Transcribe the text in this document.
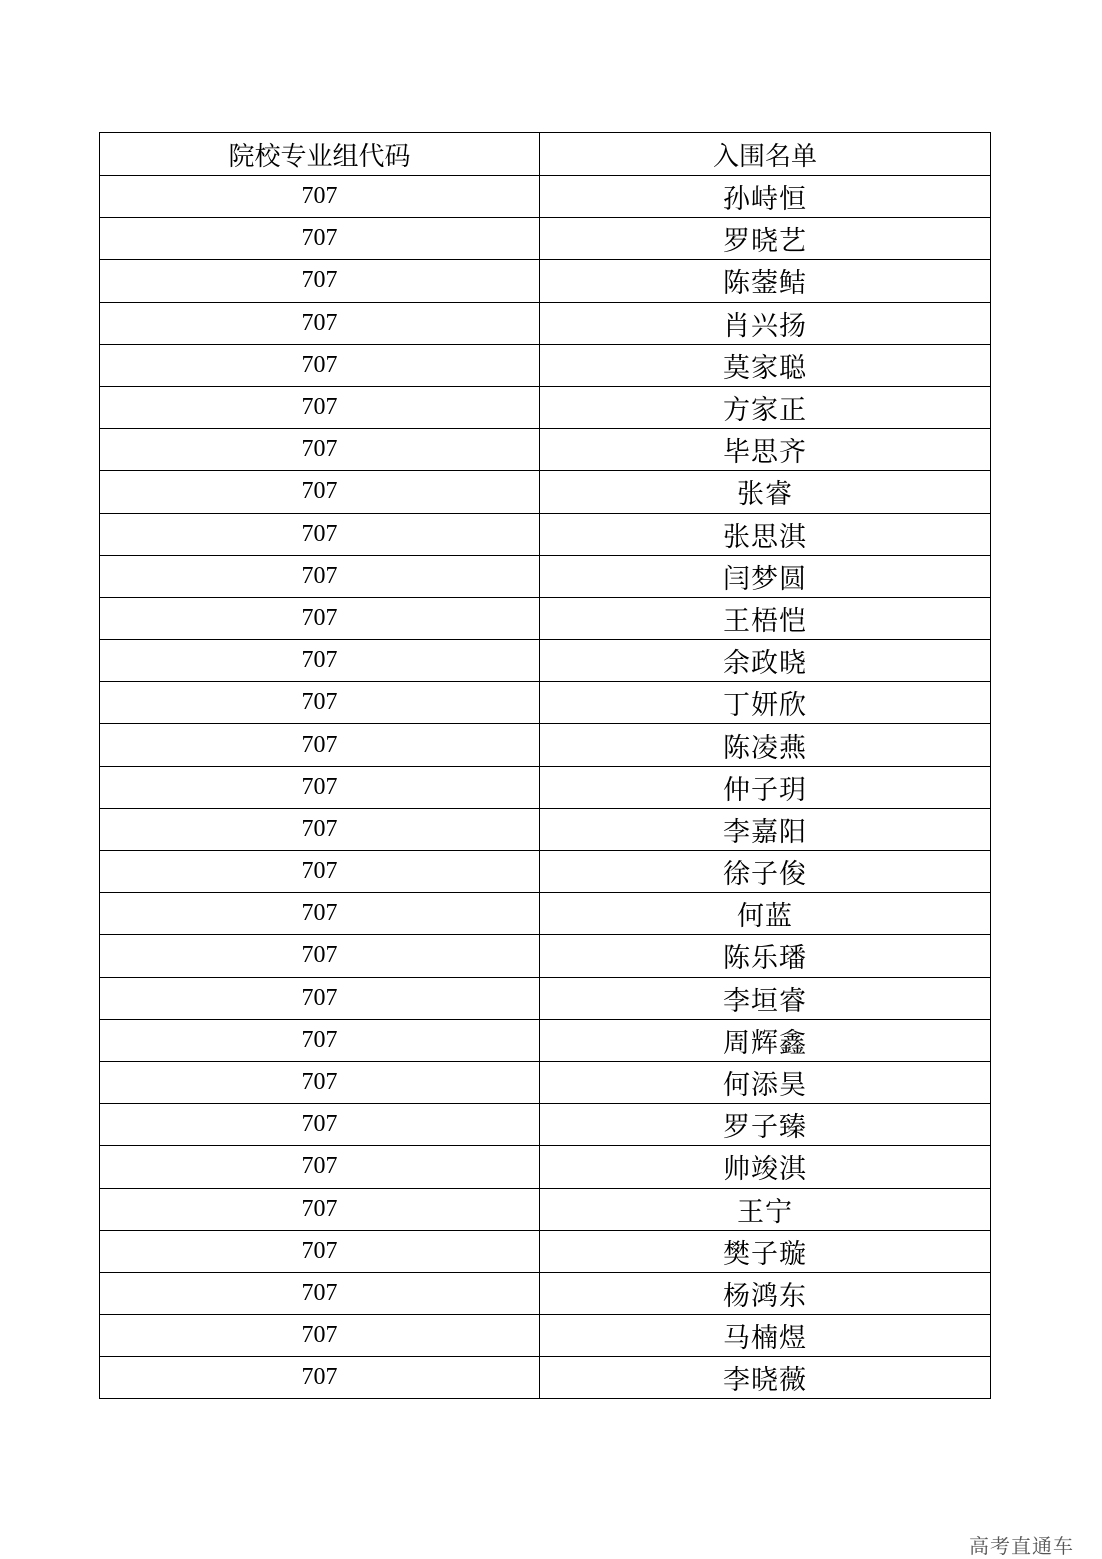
院校专业组代码	入围名单
707	孙峙恒
707	罗晓艺
707	陈蓥鲒
707	肖兴扬
707	莫家聪
707	方家正
707	毕思齐
707	张睿
707	张思淇
707	闫梦圆
707	王梧恺
707	余政晓
707	丁妍欣
707	陈凌燕
707	仲子玥
707	李嘉阳
707	徐子俊
707	何蓝
707	陈乐璠
707	李垣睿
707	周辉鑫
707	何添昊
707	罗子臻
707	帅竣淇
707	王宁
707	樊子璇
707	杨鸿东
707	马楠煜
707	李晓薇
高考直通车
